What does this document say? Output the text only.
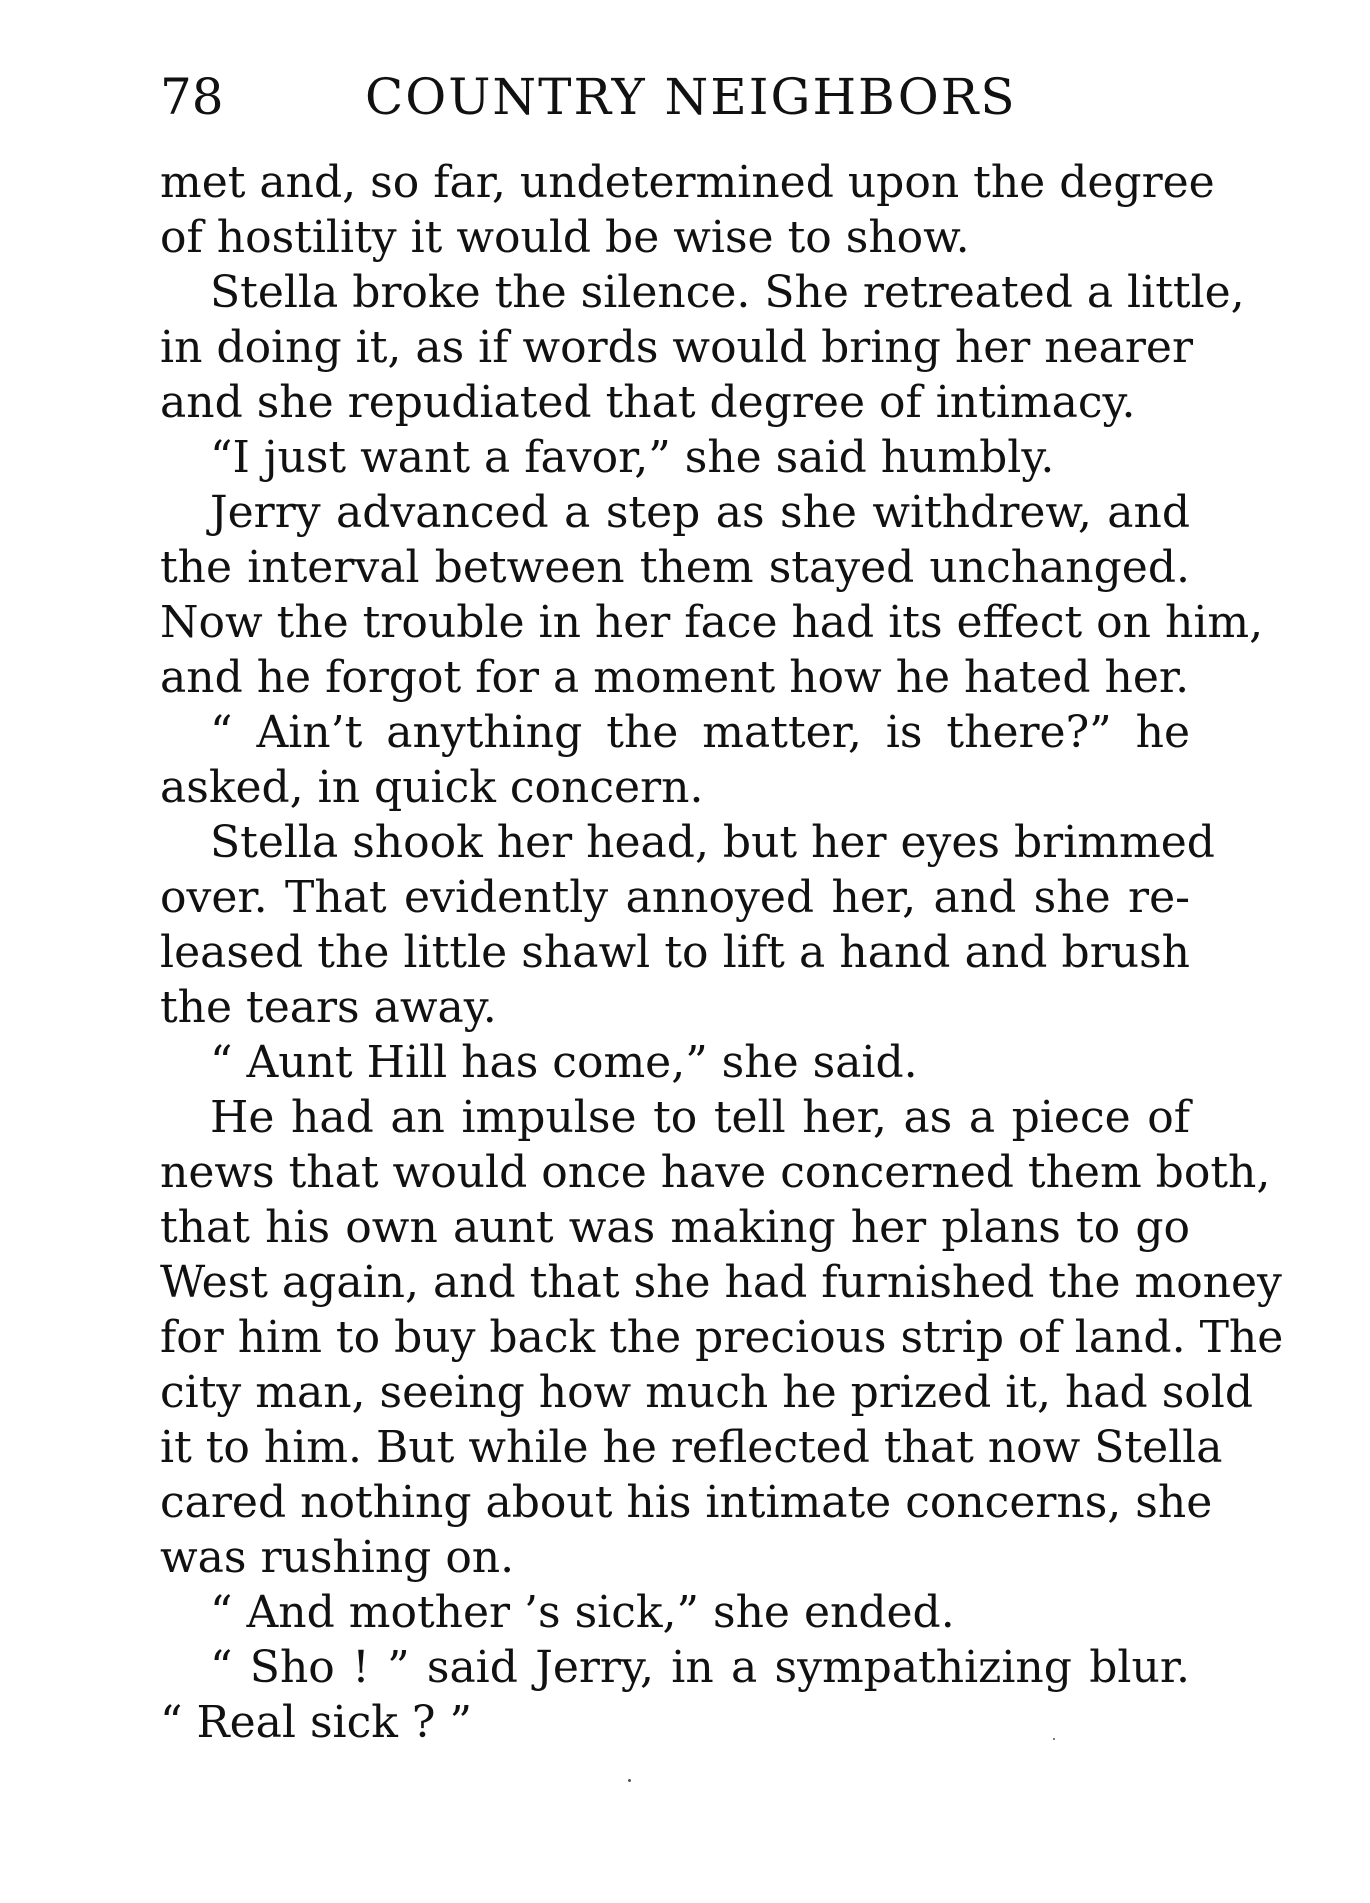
78	COUNTRY NEIGHBORS
met and, so far, undetermined upon the degree
of hostility it would be wise to show.
Stella broke the silence. She retreated a little,
in doing it, as if words would bring her nearer
and she repudiated that degree of intimacy.
“I just want a favor,” she said humbly.
Jerry advanced a step as she withdrew, and
the interval between them stayed unchanged.
Now the trouble in her face had its effect on him,
and he forgot for a moment how he hated her.
“ Ain’t anything the matter, is there?” he
asked, in quick concern.
Stella shook her head, but her eyes brimmed
over. That evidently annoyed her, and she re-
leased the little shawl to lift a hand and brush
the tears away.
“ Aunt Hill has come,” she said.
He had an impulse to tell her, as a piece of
news that would once have concerned them both,
that his own aunt was making her plans to go
West again, and that she had furnished the money
for him to buy back the precious strip of land. The
city man, seeing how much he prized it, had sold
it to him. But while he reflected that now Stella
cared nothing about his intimate concerns, she
was rushing on.
“ And mother ’s sick,” she ended.
“ Sho ! ” said Jerry, in a sympathizing blur.
“ Real sick ? ”
